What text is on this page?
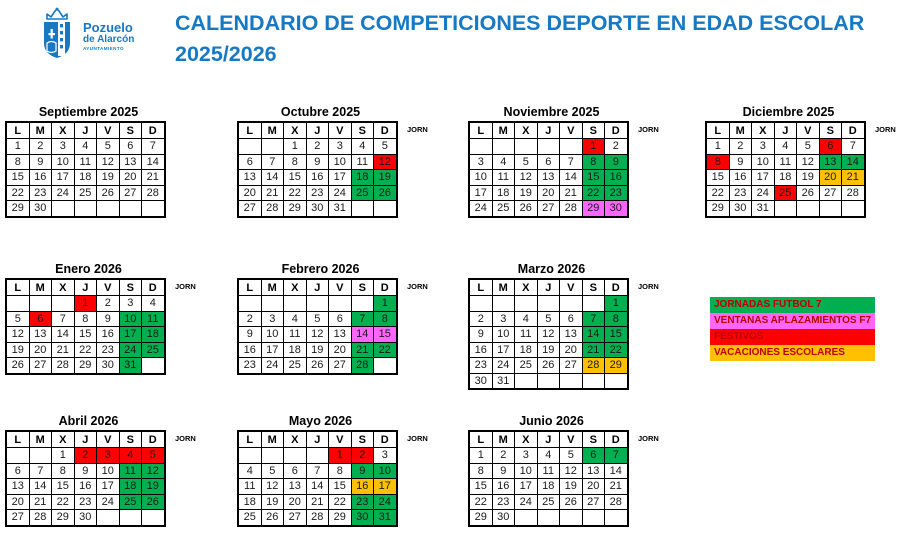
Pozuelo
de Alarcón
AYUNTAMIENTO
CALENDARIO DE COMPETICIONES DEPORTE EN EDAD ESCOLAR
2025/2026
Septiembre 2025
L	M	X	J	V	S	D
1	2	3	4	5	6	7
8	9	10	11	12	13	14
15	16	17	18	19	20	21
22	23	24	25	26	27	28
29	30					
Octubre 2025
L	M	X	J	V	S	D
		1	2	3	4	5
6	7	8	9	10	11	12
13	14	15	16	17	18	19
20	21	22	23	24	25	26
27	28	29	30	31		
JORN
Noviembre 2025
L	M	X	J	V	S	D
					1	2
3	4	5	6	7	8	9
10	11	12	13	14	15	16
17	18	19	20	21	22	23
24	25	26	27	28	29	30
JORN
Diciembre 2025
L	M	X	J	V	S	D
1	2	3	4	5	6	7
8	9	10	11	12	13	14
15	16	17	18	19	20	21
22	23	24	25	26	27	28
29	30	31				
JORN
Enero 2026
L	M	X	J	V	S	D
			1	2	3	4
5	6	7	8	9	10	11
12	13	14	15	16	17	18
19	20	21	22	23	24	25
26	27	28	29	30	31	
JORN
Febrero 2026
L	M	X	J	V	S	D
						1
2	3	4	5	6	7	8
9	10	11	12	13	14	15
16	17	18	19	20	21	22
23	24	25	26	27	28	
JORN
Marzo 2026
L	M	X	J	V	S	D
						1
2	3	4	5	6	7	8
9	10	11	12	13	14	15
16	17	18	19	20	21	22
23	24	25	26	27	28	29
30	31					
JORN
Abril 2026
L	M	X	J	V	S	D
		1	2	3	4	5
6	7	8	9	10	11	12
13	14	15	16	17	18	19
20	21	22	23	24	25	26
27	28	29	30			
JORN
Mayo 2026
L	M	X	J	V	S	D
				1	2	3
4	5	6	7	8	9	10
11	12	13	14	15	16	17
18	19	20	21	22	23	24
25	26	27	28	29	30	31
JORN
Junio 2026
L	M	X	J	V	S	D
1	2	3	4	5	6	7
8	9	10	11	12	13	14
15	16	17	18	19	20	21
22	23	24	25	26	27	28
29	30					
JORN
JORNADAS FUTBOL 7
VENTANAS APLAZAMIENTOS F7
FESTIVOS
VACACIONES ESCOLARES
